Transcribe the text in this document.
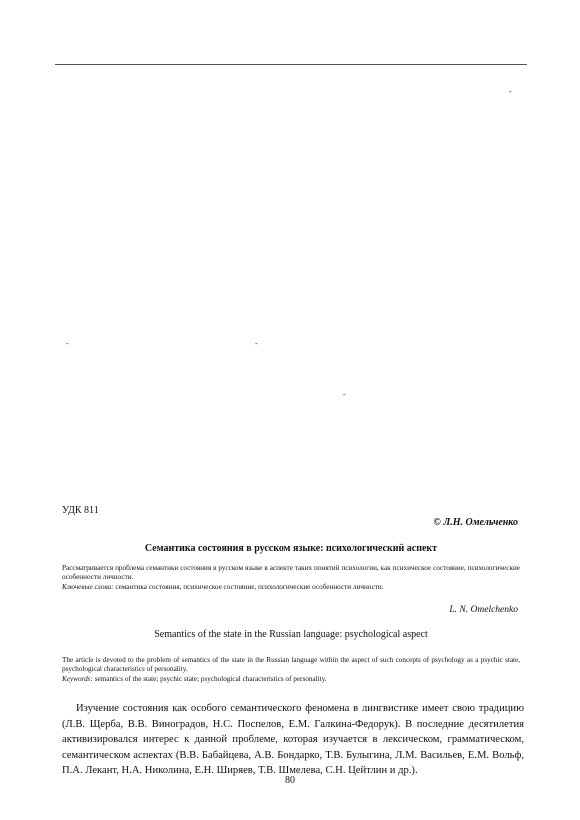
-
-	-
-
УДК 811
© Л.Н. Омельченко
Семантика состояния в русском языке: психологический аспект
Рассматривается проблема семантики состояния в русском языке в аспекте таких понятий психологии, как психическое состояние, психологические особенности личности.
Ключевые слова: семантика состояния, психическое состояние, психологические особенности личности.
L. N. Omelchenko
Semantics of the state in the Russian language: psychological aspect
The article is devoted to the problem of semantics of the state in the Russian language within the aspect of such concepts of psychology as a psychic state, psychological characteristics of personality.
Keywords: semantics of the state; psychic state; psychological characteristics of personality.
Изучение состояния как особого семантического феномена в лингвистике имеет свою традицию (Л.В. Щерба, В.В. Виноградов, Н.С. Поспелов, Е.М. Галкина-Федорук). В последние десятилетия активизировался интерес к данной проблеме, которая изучается в лексическом, грамматическом, семантическом аспектах (В.В. Бабайцева, А.В. Бондарко, Т.В. Булыгина, Л.М. Васильев, Е.М. Вольф, П.А. Лекант, Н.А. Николина, Е.Н. Ширяев, Т.В. Шмелева, С.Н. Цейтлин и др.).
80
